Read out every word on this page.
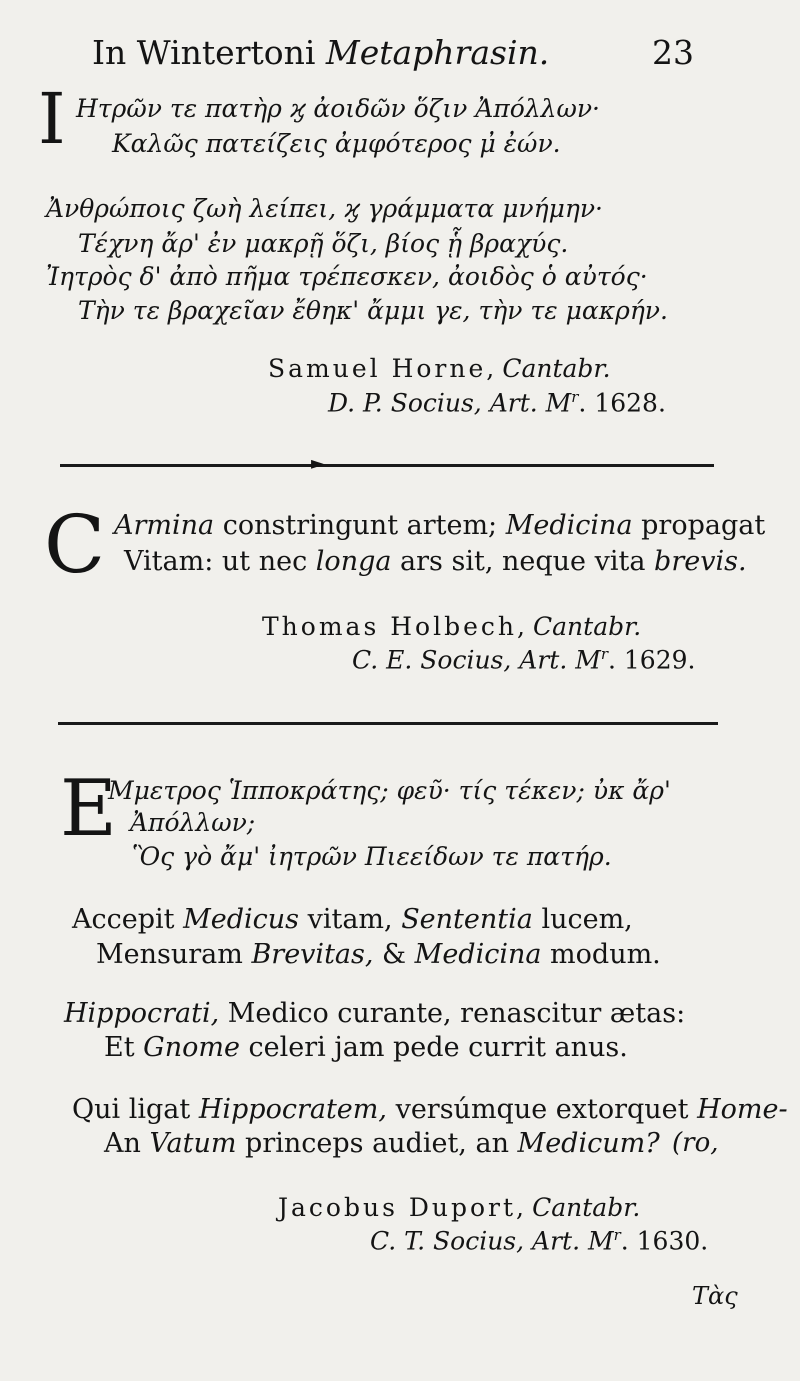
In Wintertoni Metaphrasin.	23
I Ητρῶν τε πατὴρ ϗ ἀοιδῶν ὅζιν Ἀπόλλων·
Καλῶς πατείζεις ἀμφότερος μ̓ ἐών.
Ἀνθρώποις ζωὴ λείπει, ϗ γράμματα μνήμην·
Τέχνη ἄρ' ἐν μακρῇ ὅζι, βίος ᾗ βραχύς.
Ἰητρὸς δ' ἀπὸ πῆμα τρέπεσκεν, ἀοιδὸς ὁ αὐτός·
Τὴν τε βραχεῖαν ἔθηκ' ἄμμι γε, τὴν τε μακρήν.
Samuel Horne, Cantabr.
D. P. Socius, Art. $M^r$. 1628.
►
C Armina constringunt artem; Medicina propagat
Vitam: ut nec longa ars sit, neque vita brevis.
Thomas Holbech, Cantabr.
C. E. Socius, Art. $M^r$. 1629.
E
Μμετρος Ἱπποκράτης; φεῦ· τίς τέκεν; ὐκ ἄρ'
Ἀπόλλων;
Ὃς γὸ ἄμ' ἰητρῶν Πιεείδων τε πατήρ.
Accepit Medicus vitam, Sententia lucem,
Mensuram Brevitas, & Medicina modum.
Hippocrati, Medico curante, renascitur ætas:
Et Gnome celeri jam pede currit anus.
Qui ligat Hippocratem, versúmque extorquet Home-
An Vatum princeps audiet, an Medicum? (ro,
Jacobus Duport, Cantabr.
C. T. Socius, Art. $M^r$. 1630.
Τὰς
